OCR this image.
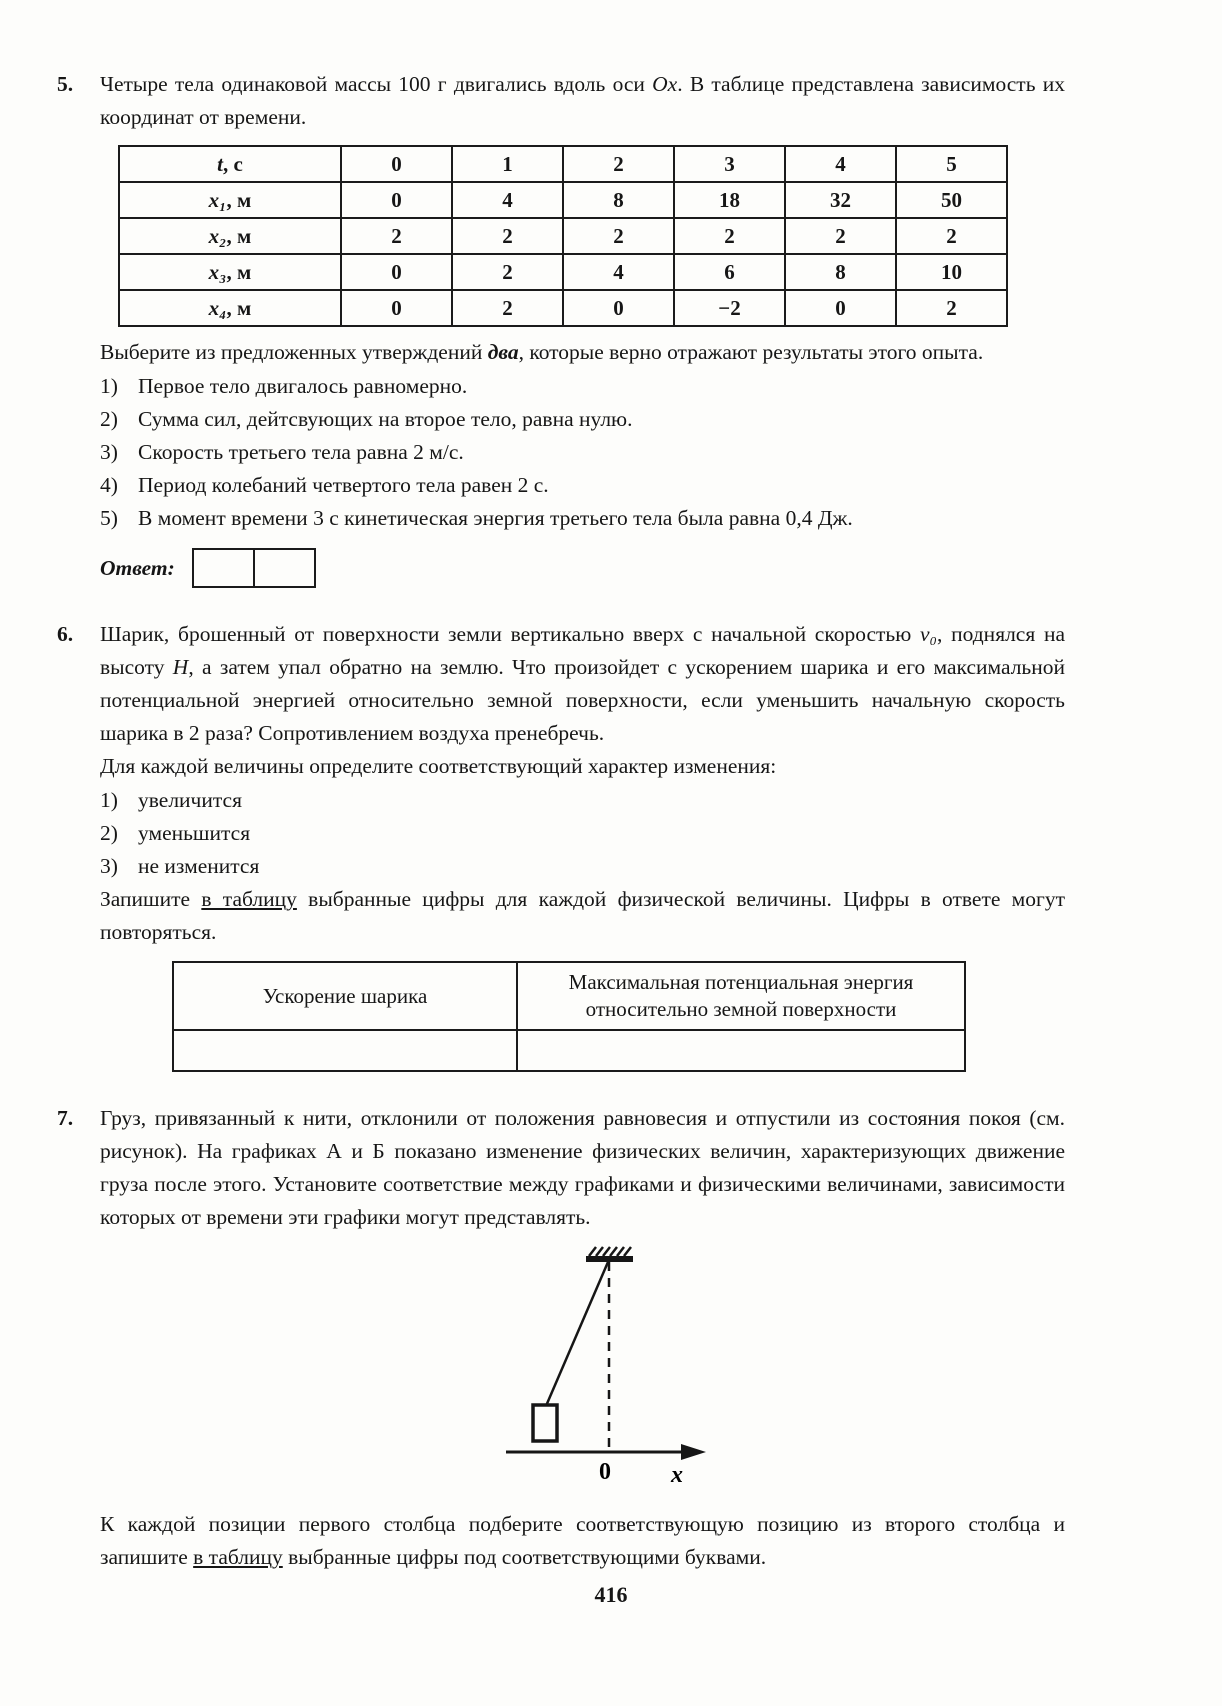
5.	Четыре тела одинаковой массы 100 г двигались вдоль оси Ox. В таблице представлена зависимость их координат от времени.

t, с	0	1	2	3	4	5
x₁, м	0	4	8	18	32	50
x₂, м	2	2	2	2	2	2
x₃, м	0	2	4	6	8	10
x₄, м	0	2	0	−2	0	2

Выберите из предложенных утверждений два, которые верно отражают результаты этого опыта.

1) Первое тело двигалось равномерно.
2) Сумма сил, дейтсвующих на второе тело, равна нулю.
3) Скорость третьего тела равна 2 м/с.
4) Период колебаний четвертого тела равен 2 с.
5) В момент времени 3 с кинетическая энергия третьего тела была равна 0,4 Дж.
Ответ:
6.	Шарик, брошенный от поверхности земли вертикально вверх с начальной скоростью v₀, поднялся на высоту H, а затем упал обратно на землю. Что произойдет с ускорением шарика и его максимальной потенциальной энергией относительно земной поверхности, если уменьшить начальную скорость шарика в 2 раза? Сопротивлением воздуха пренебречь.

Для каждой величины определите соответствующий характер изменения:

1) увеличится
2) уменьшится
3) не изменится

Запишите в таблицу выбранные цифры для каждой физической величины. Цифры в ответе могут повторяться.

Ускорение шарика	Максимальная потенциальная энергия относительно земной поверхности

7.	Груз, привязанный к нити, отклонили от положения равновесия и отпустили из состояния покоя (см. рисунок). На графиках А и Б показано изменение физических величин, характеризующих движение груза после этого. Установите соответствие между графиками и физическими величинами, зависимости которых от времени эти графики могут представлять.

0	x

К каждой позиции первого столбца подберите соответствующую позицию из второго столбца и запишите в таблицу выбранные цифры под соответствующими буквами.

416
